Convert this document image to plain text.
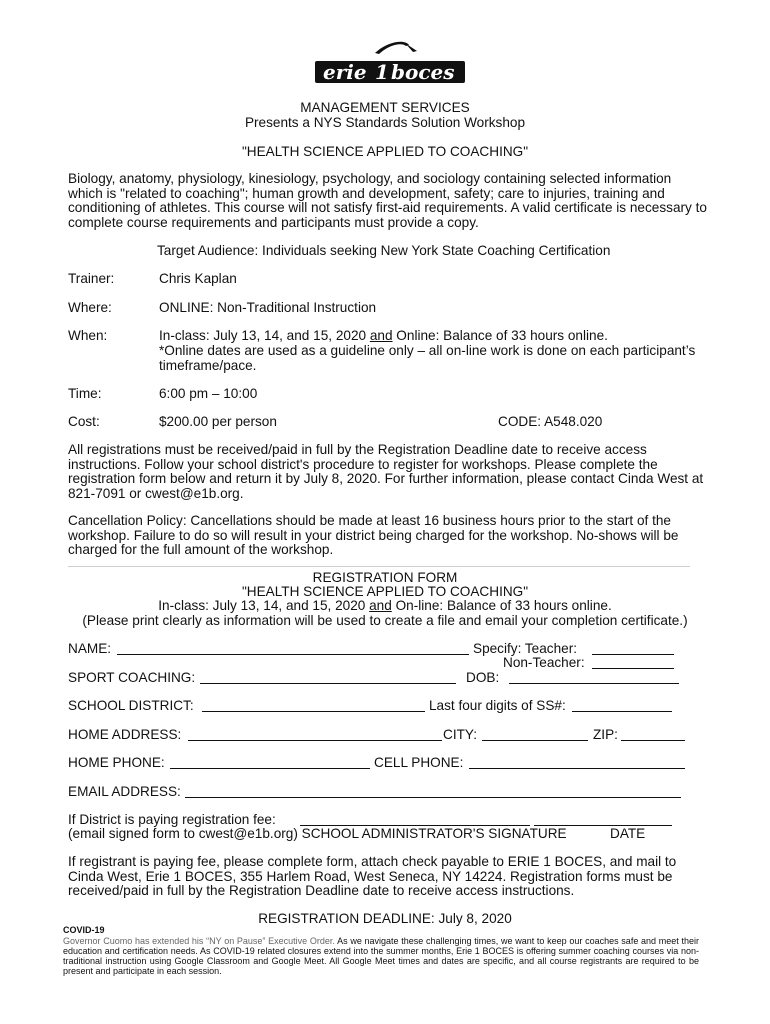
erie 1 boces
MANAGEMENT SERVICES
Presents a NYS Standards Solution Workshop
"HEALTH SCIENCE APPLIED TO COACHING"
Biology, anatomy, physiology, kinesiology, psychology, and sociology containing selected information which is "related to coaching"; human growth and development, safety; care to injuries, training and conditioning of athletes. This course will not satisfy first-aid requirements. A valid certificate is necessary to complete course requirements and participants must provide a copy.
Target Audience: Individuals seeking New York State Coaching Certification
Trainer:	Chris Kaplan
Where:	ONLINE: Non-Traditional Instruction
When:	In-class: July 13, 14, and 15, 2020 and Online: Balance of 33 hours online.
*Online dates are used as a guideline only – all on-line work is done on each participant’s
timeframe/pace.
Time:	6:00 pm – 10:00
Cost:	$200.00 per person	CODE: A548.020
All registrations must be received/paid in full by the Registration Deadline date to receive access instructions. Follow your school district's procedure to register for workshops. Please complete the registration form below and return it by July 8, 2020. For further information, please contact Cinda West at 821-7091 or cwest@e1b.org.
Cancellation Policy: Cancellations should be made at least 16 business hours prior to the start of the workshop. Failure to do so will result in your district being charged for the workshop. No-shows will be charged for the full amount of the workshop.
REGISTRATION FORM
"HEALTH SCIENCE APPLIED TO COACHING"
In-class: July 13, 14, and 15, 2020 and On-line: Balance of 33 hours online.
(Please print clearly as information will be used to create a file and email your completion certificate.)
NAME:	Specify: Teacher:
Non-Teacher:
SPORT COACHING:	DOB:
SCHOOL DISTRICT:	Last four digits of SS#:
HOME ADDRESS:	CITY:	ZIP:
HOME PHONE:	CELL PHONE:
EMAIL ADDRESS:
If District is paying registration fee:
(email signed form to cwest@e1b.org) SCHOOL ADMINISTRATOR'S SIGNATURE	DATE
If registrant is paying fee, please complete form, attach check payable to ERIE 1 BOCES, and mail to Cinda West, Erie 1 BOCES, 355 Harlem Road, West Seneca, NY 14224. Registration forms must be received/paid in full by the Registration Deadline date to receive access instructions.
REGISTRATION DEADLINE: July 8, 2020
COVID-19
Governor Cuomo has extended his “NY on Pause” Executive Order. As we navigate these challenging times, we want to keep our coaches safe and meet their education and certification needs. As COVID-19 related closures extend into the summer months, Erie 1 BOCES is offering summer coaching courses via non-traditional instruction using Google Classroom and Google Meet. All Google Meet times and dates are specific, and all course registrants are required to be present and participate in each session.
